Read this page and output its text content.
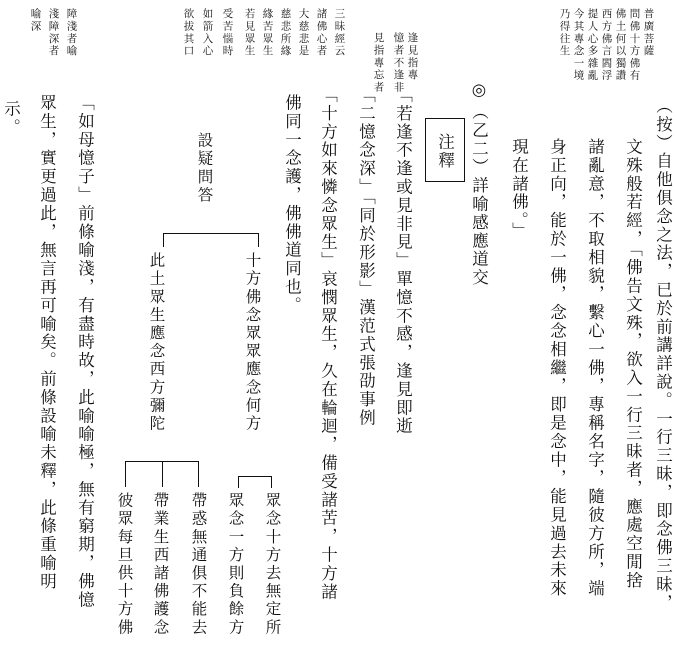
（按）自他俱念之法，已於前講詳說。一行三昧，即念佛三昧，
文殊般若經，「佛告文殊，欲入一行三昧者，應處空閒捨
諸亂意，不取相貌，繫心一佛，專稱名字，隨彼方所，端
身正向，能於一佛，念念相繼，即是念中，能見過去未來
現在諸佛。」
普廣菩薩
問佛十方佛有
佛土何以獨讚
西方佛言閻浮
提人心多雜亂
今其專念一境
乃得往生
◎
（乙二）詳喻感應道交
注釋
「若逢不逢或見非見」單憶不感，逢見即逝
「二憶念深」「同於形影」漢范式張劭事例
「十方如來憐念眾生」哀憫眾生，久在輪迴，備受諸苦，十方諸
佛同一念護，佛佛道同也。
逢見指專
憶者不逢非
見指專忘者
三昧經云
諸佛心者
大慈悲是
慈悲所緣
緣苦眾生
若見眾生
受苦惱時
如箭入心
欲拔其口
設疑問答
十方佛念眾眾應念何方
此土眾生應念西方彌陀
眾念十方去無定所
眾念一方則負餘方
帶惑無通俱不能去
帶業生西諸佛護念
彼眾每旦供十方佛
「如母憶子」前條喻淺，有盡時故，此喻喻極，無有窮期，佛憶
眾生，實更過此，無言再可喻矣。前條設喻未釋，此條重喻明
示。
障淺者喻
淺障深者
喻深
